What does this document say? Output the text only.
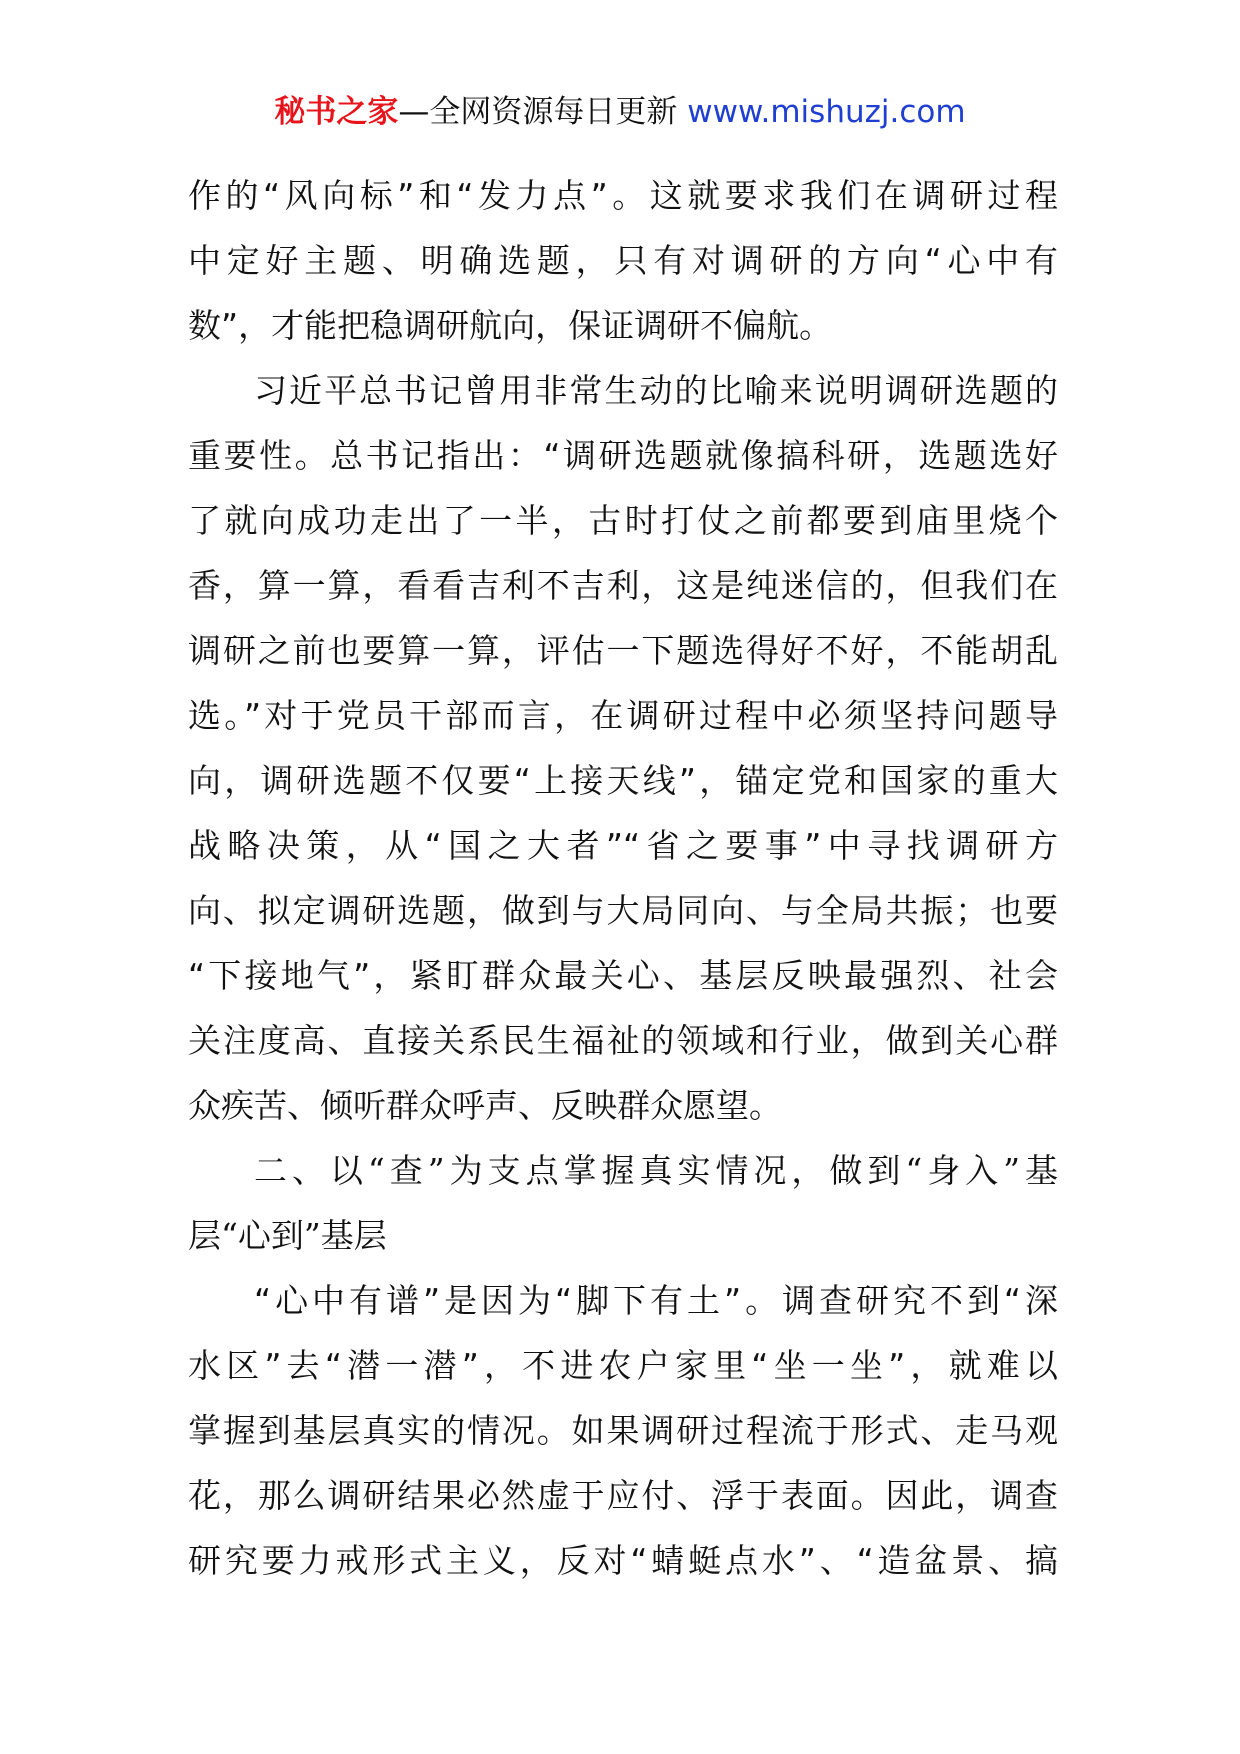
秘书之家—全网资源每日更新 www.mishuzj.com
作的“风向标”和“发力点”。这就要求我们在调研过程
中定好主题、明确选题，只有对调研的方向“心中有
数”，才能把稳调研航向，保证调研不偏航。
习近平总书记曾用非常生动的比喻来说明调研选题的
重要性。总书记指出：“调研选题就像搞科研，选题选好
了就向成功走出了一半，古时打仗之前都要到庙里烧个
香，算一算，看看吉利不吉利，这是纯迷信的，但我们在
调研之前也要算一算，评估一下题选得好不好，不能胡乱
选。”对于党员干部而言，在调研过程中必须坚持问题导
向，调研选题不仅要“上接天线”，锚定党和国家的重大
战略决策，从“国之大者”“省之要事”中寻找调研方
向、拟定调研选题，做到与大局同向、与全局共振；也要
“下接地气”，紧盯群众最关心、基层反映最强烈、社会
关注度高、直接关系民生福祉的领域和行业，做到关心群
众疾苦、倾听群众呼声、反映群众愿望。
二、以“查”为支点掌握真实情况，做到“身入”基
层“心到”基层
“心中有谱”是因为“脚下有土”。调查研究不到“深
水区”去“潜一潜”，不进农户家里“坐一坐”，就难以
掌握到基层真实的情况。如果调研过程流于形式、走马观
花，那么调研结果必然虚于应付、浮于表面。因此，调查
研究要力戒形式主义，反对“蜻蜓点水”、“造盆景、搞
